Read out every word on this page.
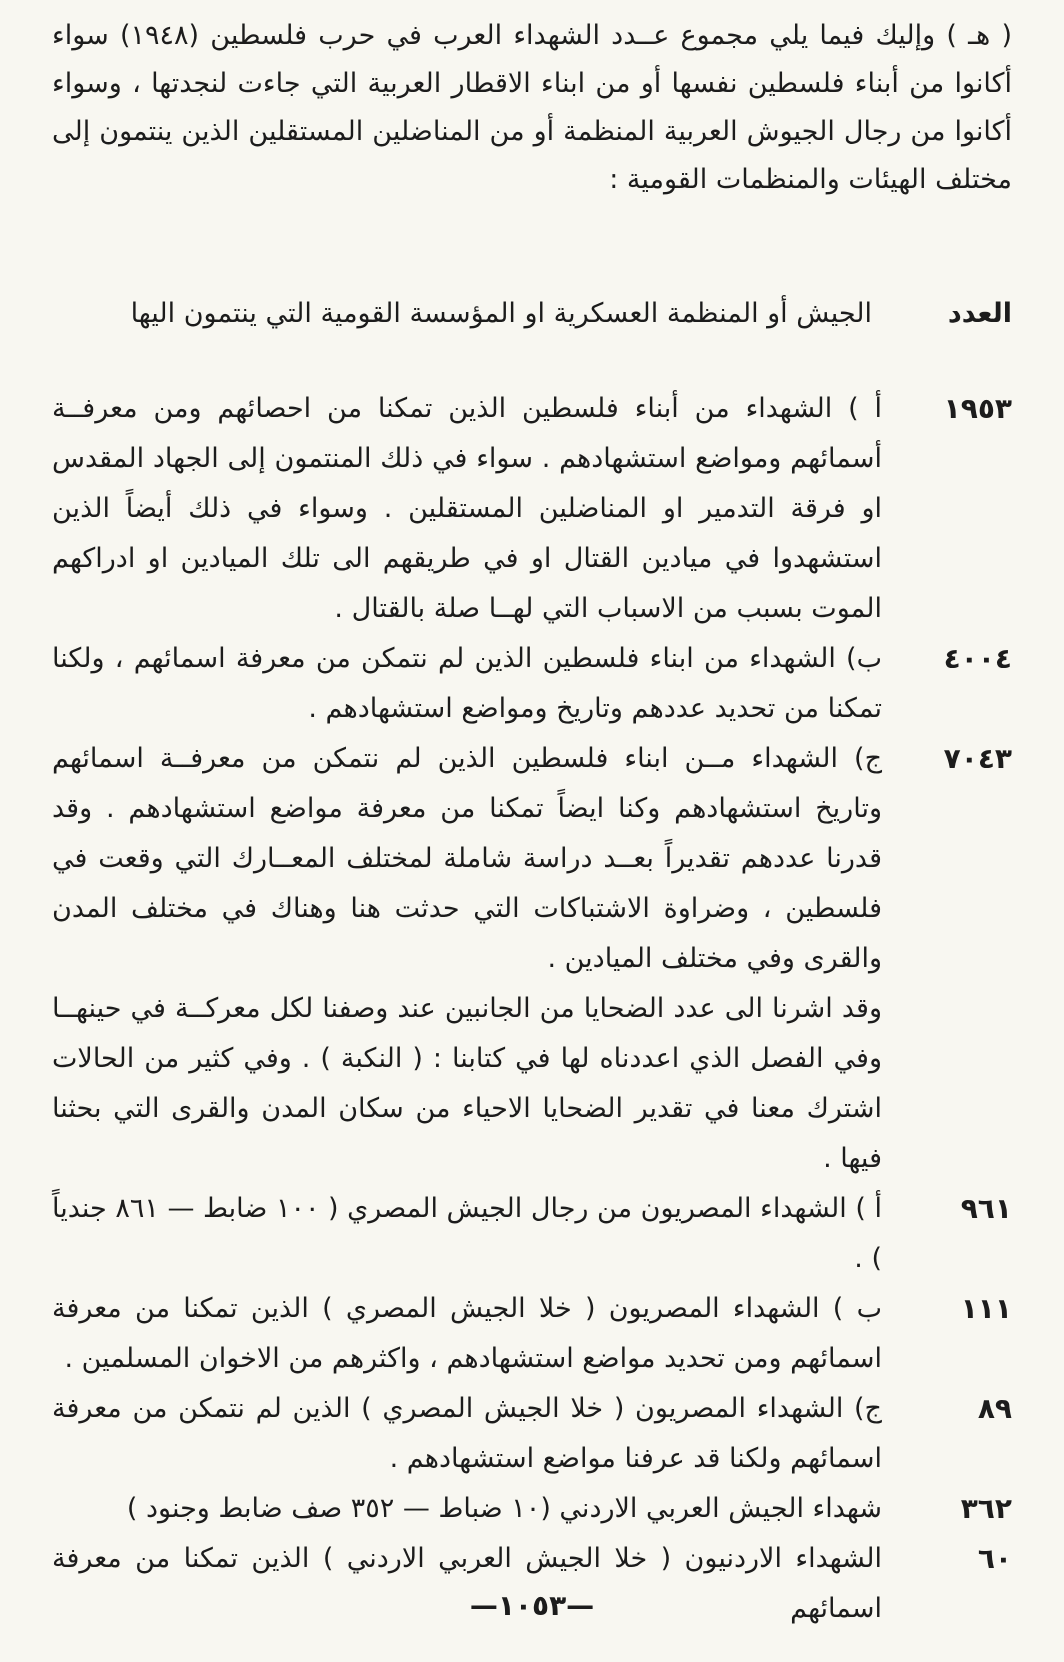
( هـ ) وإليك فيما يلي مجموع عــدد الشهداء العرب في حرب فلسطين (١٩٤٨) سواء أكانوا من أبناء فلسطين نفسها أو من ابناء الاقطار العربية التي جاءت لنجدتها ، وسواء أكانوا من رجال الجيوش العربية المنظمة أو من المناضلين المستقلين الذين ينتمون إلى مختلف الهيئات والمنظمات القومية :

العدد
الجيش أو المنظمة العسكرية او المؤسسة القومية التي ينتمون اليها
١٩٥٣
أ ) الشهداء من أبناء فلسطين الذين تمكنا من احصائهم ومن معرفــة أسمائهم ومواضع استشهادهم . سواء في ذلك المنتمون إلى الجهاد المقدس او فرقة التدمير او المناضلين المستقلين . وسواء في ذلك أيضاً الذين استشهدوا في ميادين القتال او في طريقهم الى تلك الميادين او ادراكهم الموت بسبب من الاسباب التي لهــا صلة بالقتال .
٤٠٠٤
ب) الشهداء من ابناء فلسطين الذين لم نتمكن من معرفة اسمائهم ، ولكنا تمكنا من تحديد عددهم وتاريخ ومواضع استشهادهم .
٧٠٤٣
ج) الشهداء مــن ابناء فلسطين الذين لم نتمكن من معرفــة اسمائهم وتاريخ استشهادهم وكنا ايضاً تمكنا من معرفة مواضع استشهادهم . وقد قدرنا عددهم تقديراً بعــد دراسة شاملة لمختلف المعــارك التي وقعت في فلسطين ، وضراوة الاشتباكات التي حدثت هنا وهناك في مختلف المدن والقرى وفي مختلف الميادين .
وقد اشرنا الى عدد الضحايا من الجانبين عند وصفنا لكل معركــة في حينهــا وفي الفصل الذي اعددناه لها في كتابنا : ( النكبة ) . وفي كثير من الحالات اشترك معنا في تقدير الضحايا الاحياء من سكان المدن والقرى التي بحثنا فيها .
٩٦١
أ ) الشهداء المصريون من رجال الجيش المصري ( ١٠٠ ضابط — ٨٦١ جندياً ) .
١١١
ب ) الشهداء المصريون ( خلا الجيش المصري ) الذين تمكنا من معرفة اسمائهم ومن تحديد مواضع استشهادهم ، واكثرهم من الاخوان المسلمين .
٨٩
ج) الشهداء المصريون ( خلا الجيش المصري ) الذين لم نتمكن من معرفة اسمائهم ولكنا قد عرفنا مواضع استشهادهم .
٣٦٢
شهداء الجيش العربي الاردني (١٠ ضباط — ٣٥٢ صف ضابط وجنود )
٦٠
الشهداء الاردنيون ( خلا الجيش العربي الاردني ) الذين تمكنا من معرفة اسمائهم
—١٠٥٣—
